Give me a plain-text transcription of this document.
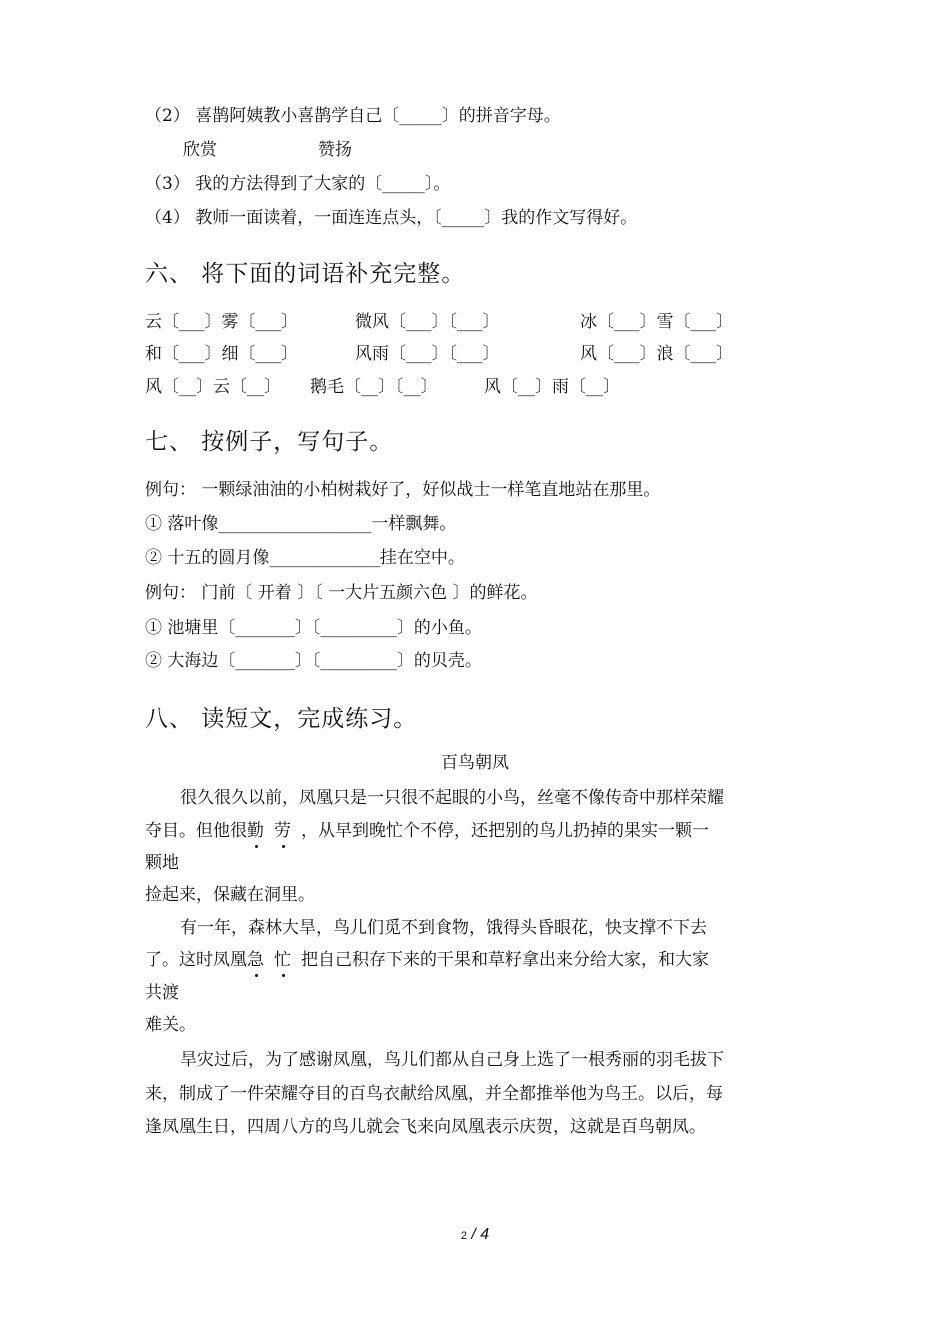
（2） 喜鹊阿姨教小喜鹊学自己〔_____〕的拼音字母。
欣赏	赞扬
（3） 我的方法得到了大家的〔_____〕。
（4） 教师一面读着，一面连连点头，〔_____〕我的作文写得好。
六、 将下面的词语补充完整。
云〔___〕雾〔___〕	微风〔___〕〔___〕	冰〔___〕雪〔___〕
和〔___〕细〔___〕	风雨〔___〕〔___〕	风〔___〕浪〔___〕
风〔__〕云〔__〕 鹅毛〔__〕〔__〕	风〔__〕雨〔__〕
七、 按例子，写句子。
例句： 一颗绿油油的小柏树栽好了，好似战士一样笔直地站在那里。
① 落叶像__________________一样飘舞。
② 十五的圆月像_____________挂在空中。
例句： 门前〔 开着 〕〔 一大片五颜六色 〕的鲜花。
① 池塘里〔_______〕〔_________〕的小鱼。
② 大海边〔_______〕〔_________〕的贝壳。
八、 读短文，完成练习。
百鸟朝凤
很久很久以前，凤凰只是一只很不起眼的小鸟，丝毫不像传奇中那样荣耀
夺目。但他很勤 劳 ，从早到晚忙个不停，还把别的鸟儿扔掉的果实一颗一
颗地
捡起来，保藏在洞里。
有一年，森林大旱，鸟儿们觅不到食物，饿得头昏眼花，快支撑不下去
了。这时凤凰急 忙 把自己积存下来的干果和草籽拿出来分给大家，和大家
共渡
难关。
旱灾过后，为了感谢凤凰，鸟儿们都从自己身上选了一根秀丽的羽毛拔下
来，制成了一件荣耀夺目的百鸟衣献给凤凰，并全都推举他为鸟王。以后，每
逢凤凰生日，四周八方的鸟儿就会飞来向凤凰表示庆贺，这就是百鸟朝凤。
2 / 4
